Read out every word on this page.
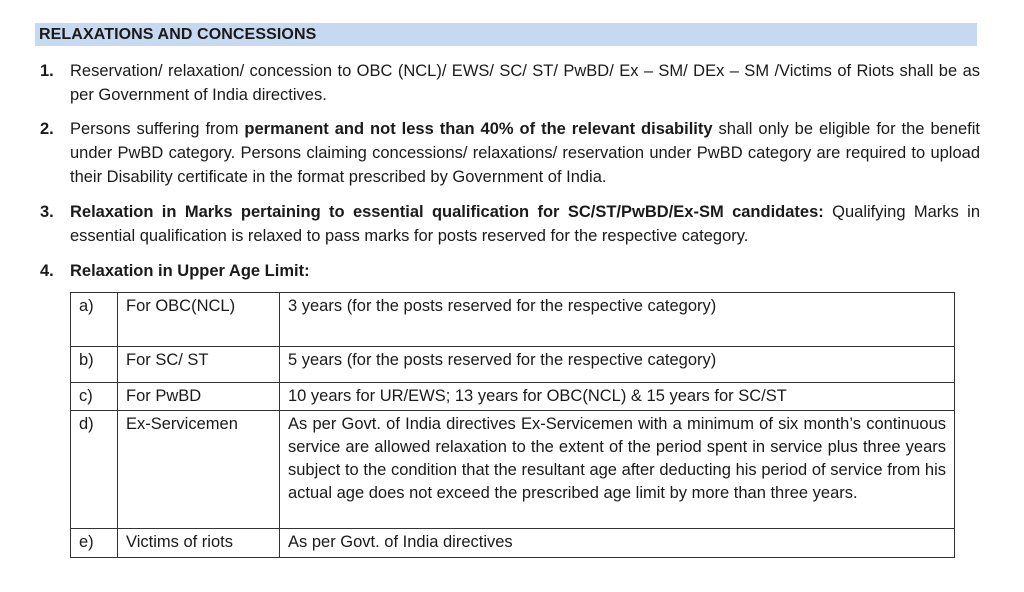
RELAXATIONS AND CONCESSIONS
1. Reservation/ relaxation/ concession to OBC (NCL)/ EWS/ SC/ ST/ PwBD/ Ex – SM/ DEx – SM /Victims of Riots shall be as per Government of India directives.
2. Persons suffering from permanent and not less than 40% of the relevant disability shall only be eligible for the benefit under PwBD category. Persons claiming concessions/ relaxations/ reservation under PwBD category are required to upload their Disability certificate in the format prescribed by Government of India.
3. Relaxation in Marks pertaining to essential qualification for SC/ST/PwBD/Ex-SM candidates: Qualifying Marks in essential qualification is relaxed to pass marks for posts reserved for the respective category.
4. Relaxation in Upper Age Limit:
a)	For OBC(NCL)	3 years (for the posts reserved for the respective category)
b)	For SC/ ST	5 years (for the posts reserved for the respective category)
c)	For PwBD	10 years for UR/EWS; 13 years for OBC(NCL) & 15 years for SC/ST
d)	Ex-Servicemen	As per Govt. of India directives Ex-Servicemen with a minimum of six month’s continuous service are allowed relaxation to the extent of the period spent in service plus three years subject to the condition that the resultant age after deducting his period of service from his actual age does not exceed the prescribed age limit by more than three years.
e)	Victims of riots	As per Govt. of India directives
